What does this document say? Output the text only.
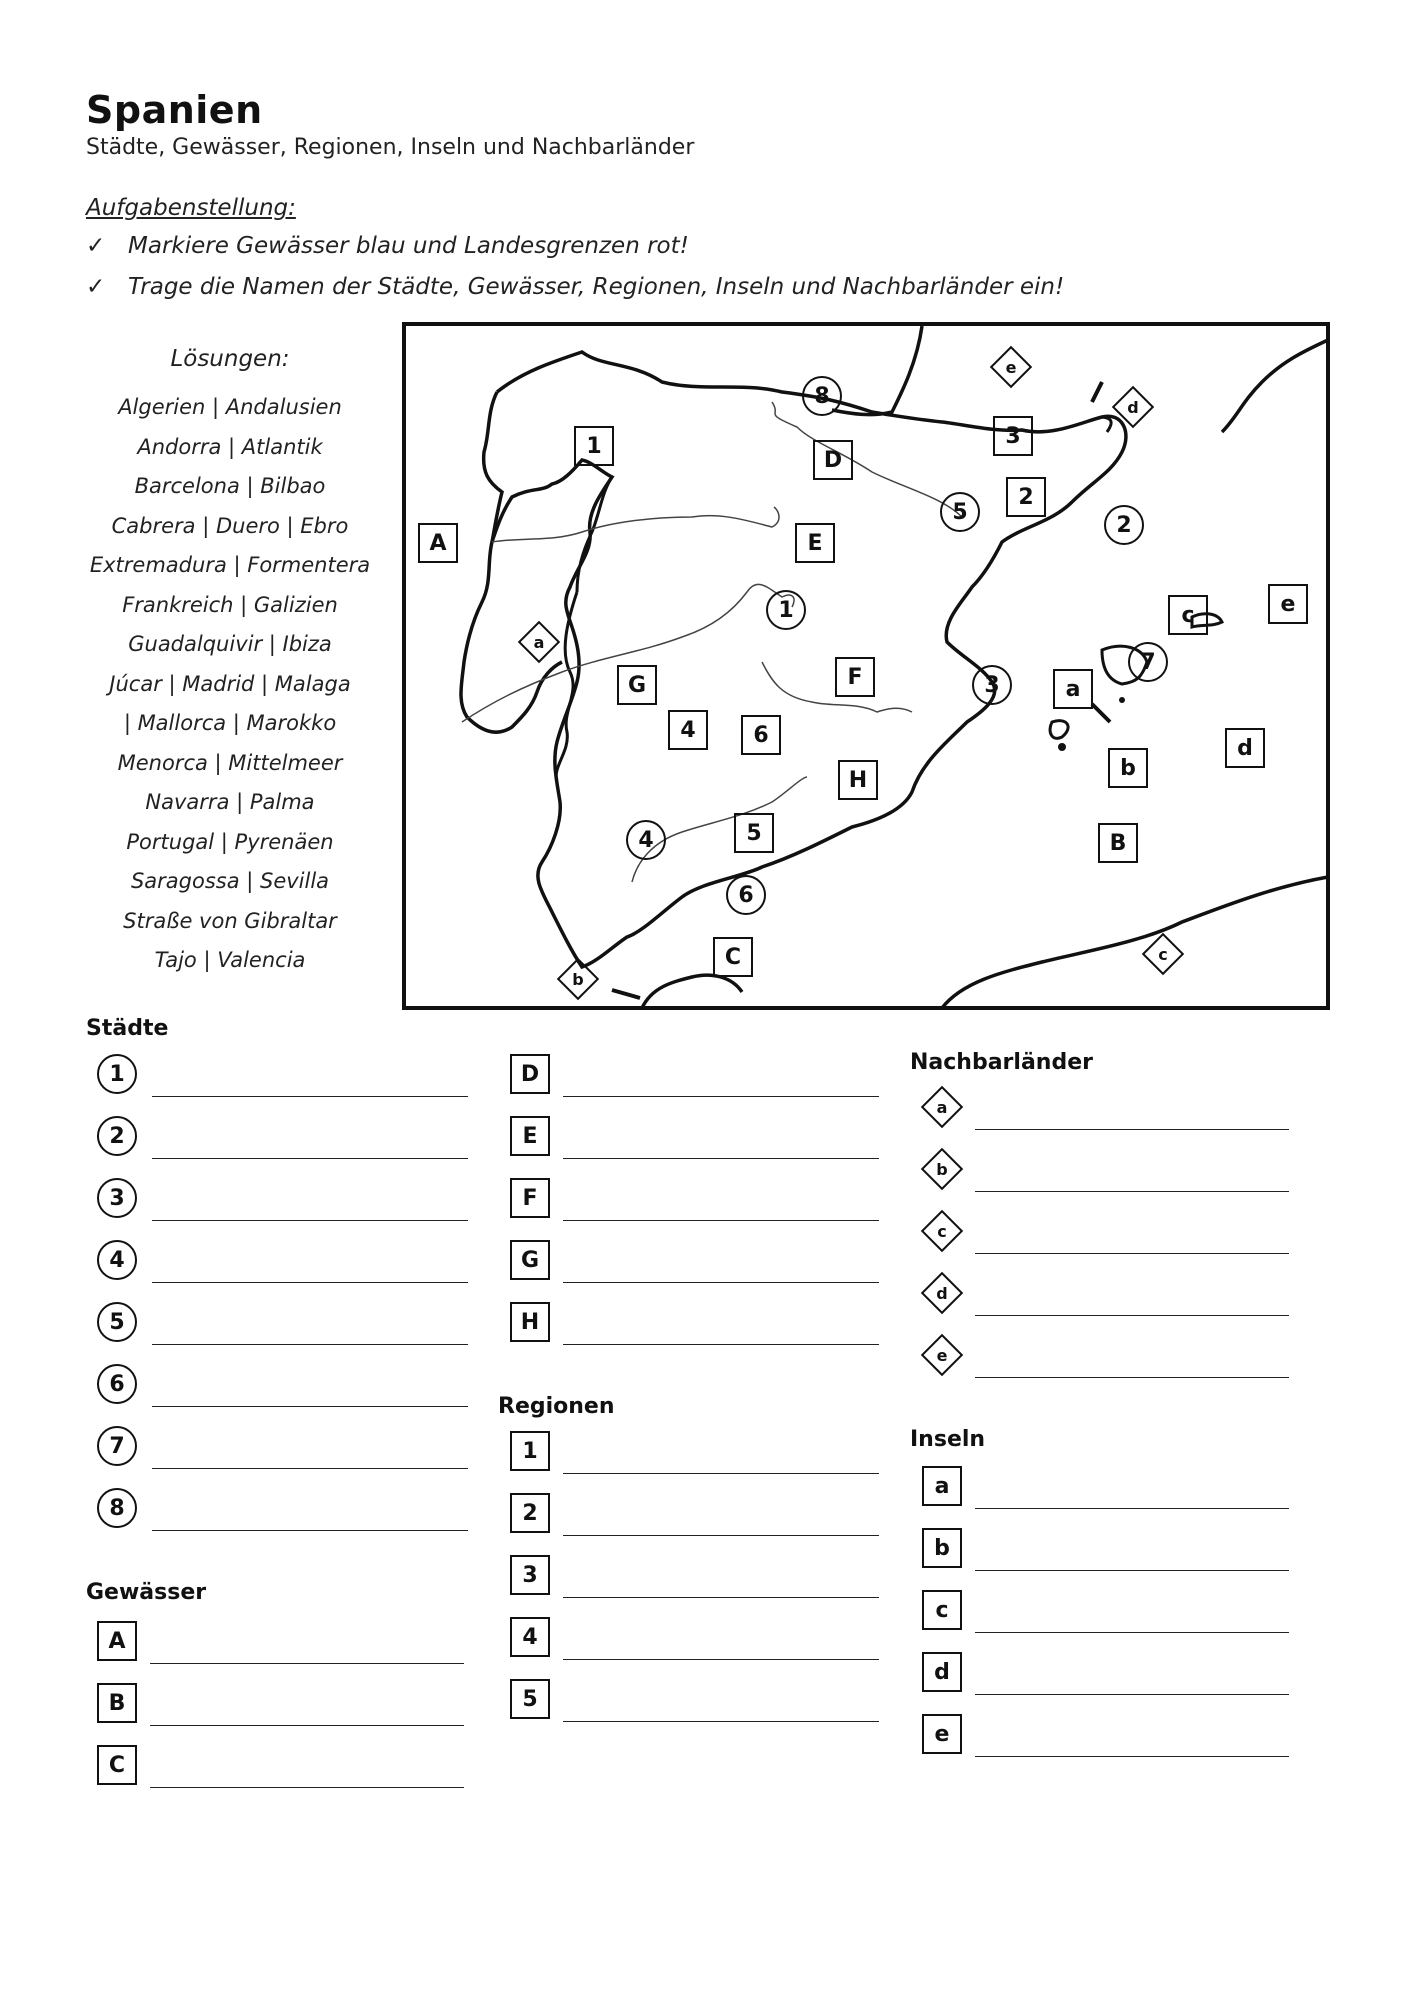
Spanien
Städte, Gewässer, Regionen, Inseln und Nachbarländer
Aufgabenstellung:
✓ Markiere Gewässer blau und Landesgrenzen rot!
✓ Trage die Namen der Städte, Gewässer, Regionen, Inseln und Nachbarländer ein!
Lösungen:
Algerien | Andalusien
Andorra | Atlantik
Barcelona | Bilbao
Cabrera | Duero | Ebro
Extremadura | Formentera
Frankreich | Galizien
Guadalquivir | Ibiza
Júcar | Madrid | Malaga
| Mallorca | Marokko
Menorca | Mittelmeer
Navarra | Palma
Portugal | Pyrenäen
Saragossa | Sevilla
Straße von Gibraltar
Tajo | Valencia
1
2
3
4
5
6
7
8
A
B
C
D
E
F
G
H
1
2
3
4
5
6
a
b
c
d
e
a
b
c
d
e
Städte
Gewässer
Regionen
Nachbarländer
Inseln
1
2
3
4
5
6
7
8
A
B
C
D
E
F
G
H
1
2
3
4
5
a
b
c
d
e
a
b
c
d
e
